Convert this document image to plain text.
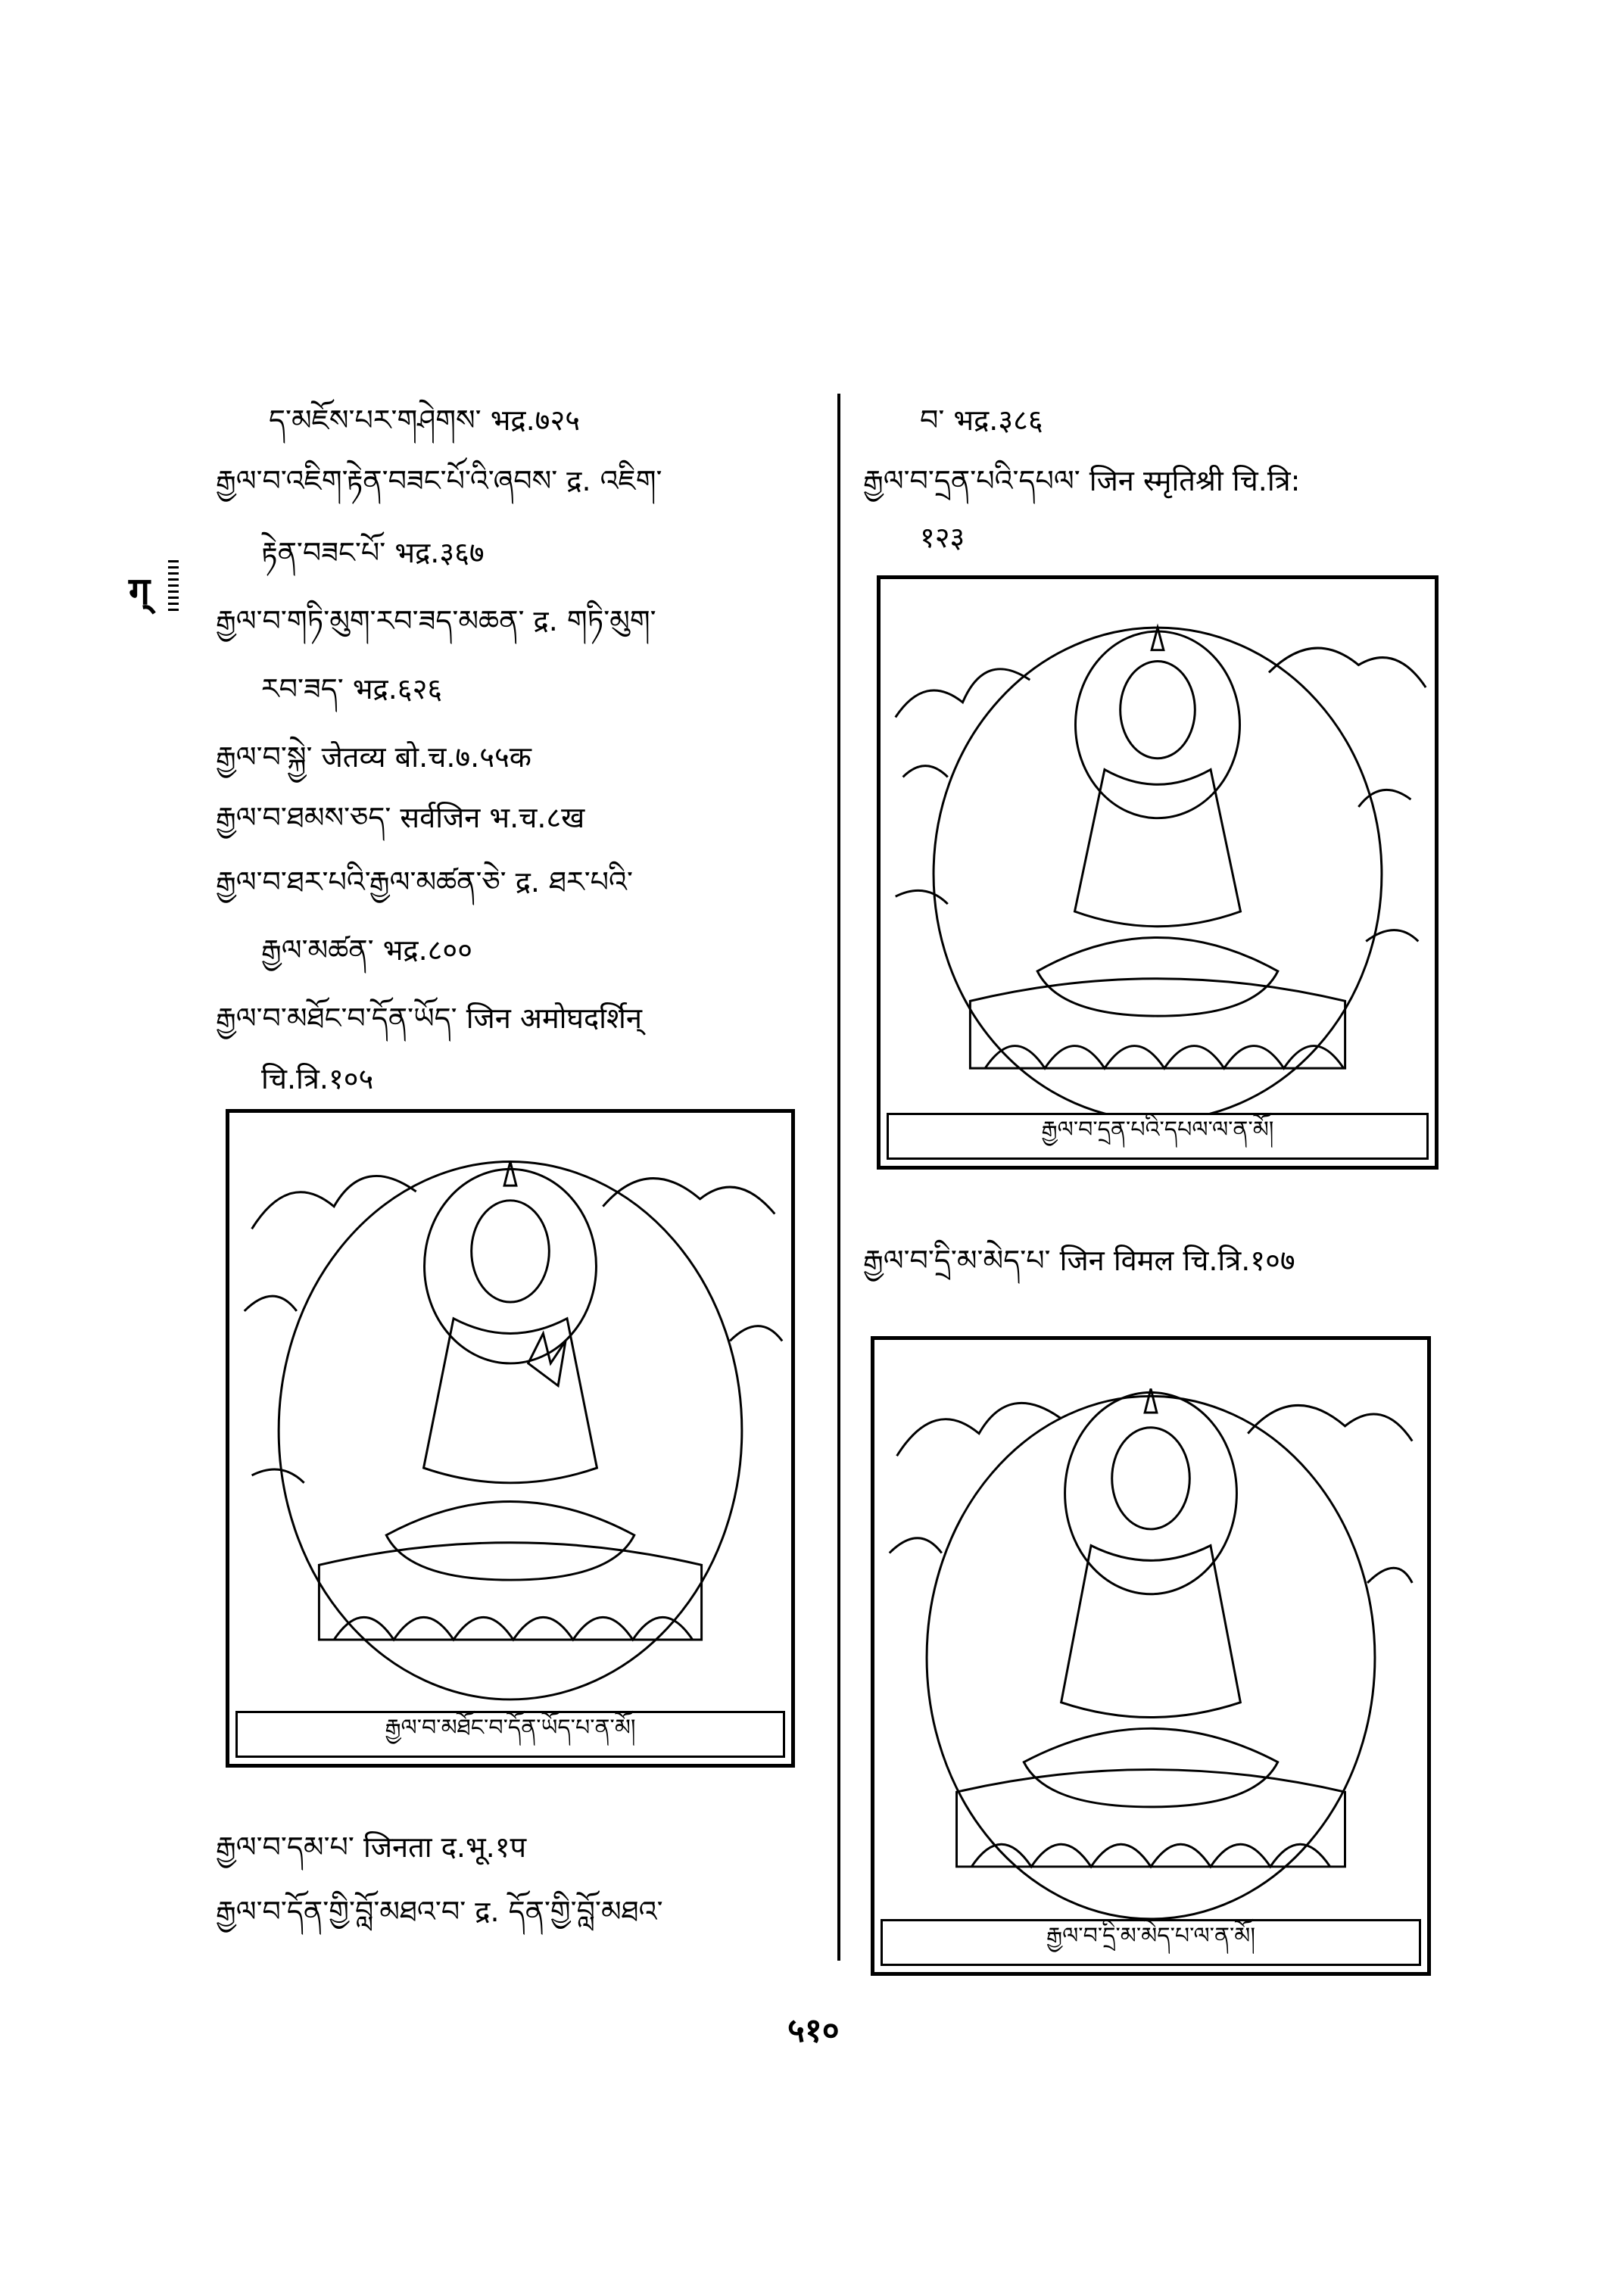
ད་མཇོས་པར་གཤེགས་ भद्र.७२५
རྒྱལ་བ་འཇིག་རྟེན་བཟང་པོ་འི་ཞབས་ द्र. འཇིག་
རྟེན་བཟང་པོ་ भद्र.३६७
རྒྱལ་བ་གཏི་མུག་རབ་ཟད་མཆན་ द्र. གཏི་མུག་
རབ་ཟད་ भद्र.६२६
རྒྱལ་བ་སྐྱེ་ जेतव्य बो.च.७.५५क
རྒྱལ་བ་ཐམས་ཅད་ सर्वजिन भ.च.८ख
རྒྱལ་བ་ཐར་པའི་རྒྱལ་མཚན་ཅེ་ द्र. ཐར་པའི་
རྒྱལ་མཚན་ भद्र.८००
རྒྱལ་བ་མཐོང་བ་དོན་ཡོད་ जिन अमोघदर्शिन्
चि.त्रि.१०५
ग्
བ་ भद्र.३८६
རྒྱལ་བ་དྲན་པའི་དཔལ་ जिन स्मृतिश्री चि.त्रि:
१२३
རྒྱལ་བ་དྲན་པའི་དཔལ་ལ་ན་མོ།
རྒྱལ་བ་དྲི་མ་མེད་པ་ जिन विमल चि.त्रि.१०७
རྒྱལ་བ་མཐོང་བ་དོན་ཡོད་པ་ན་མོ།
རྒྱལ་བ་དྲི་མ་མེད་པ་ལ་ན་མོ།
རྒྱལ་བ་དམ་པ་ जिनता द.भू.१प
རྒྱལ་བ་དོན་གྱི་བློ་མཐའ་བ་ द्र. དོན་གྱི་བློ་མཐའ་
५१०
